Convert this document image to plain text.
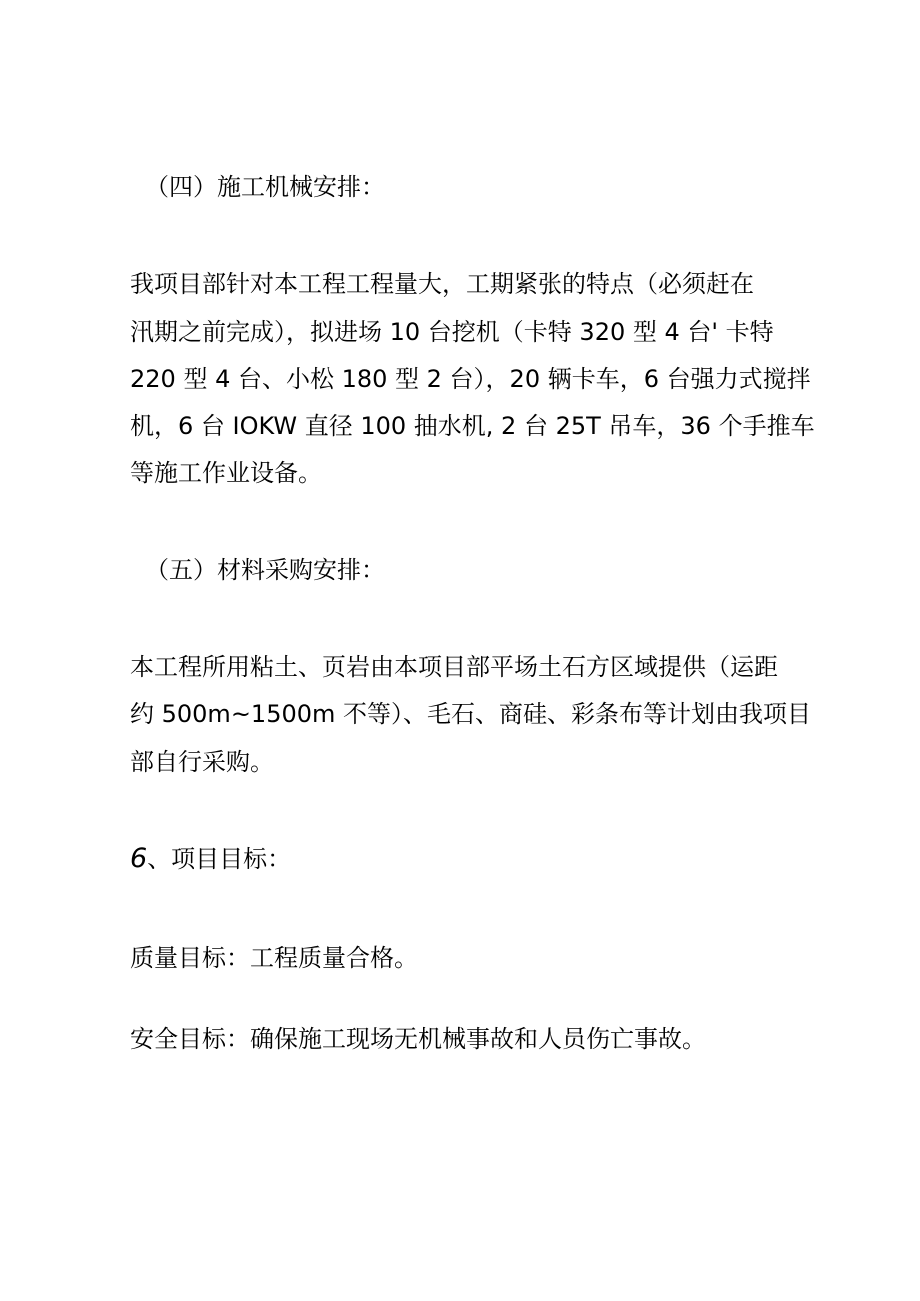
（四）施工机械安排：
我项目部针对本工程工程量大，工期紧张的特点（必须赶在
汛期之前完成），拟进场 10 台挖机（卡特 320 型 4 台' 卡特
220 型 4 台、小松 180 型 2 台），20 辆卡车，6 台强力式搅拌
机，6 台 IOKW 直径 100 抽水机, 2 台 25T 吊车，36 个手推车
等施工作业设备。
（五）材料采购安排：
本工程所用粘土、页岩由本项目部平场土石方区域提供（运距
约 500m~1500m 不等）、毛石、商硅、彩条布等计划由我项目
部自行采购。
6、项目目标：
质量目标：工程质量合格。
安全目标：确保施工现场无机械事故和人员伤亡事故。
